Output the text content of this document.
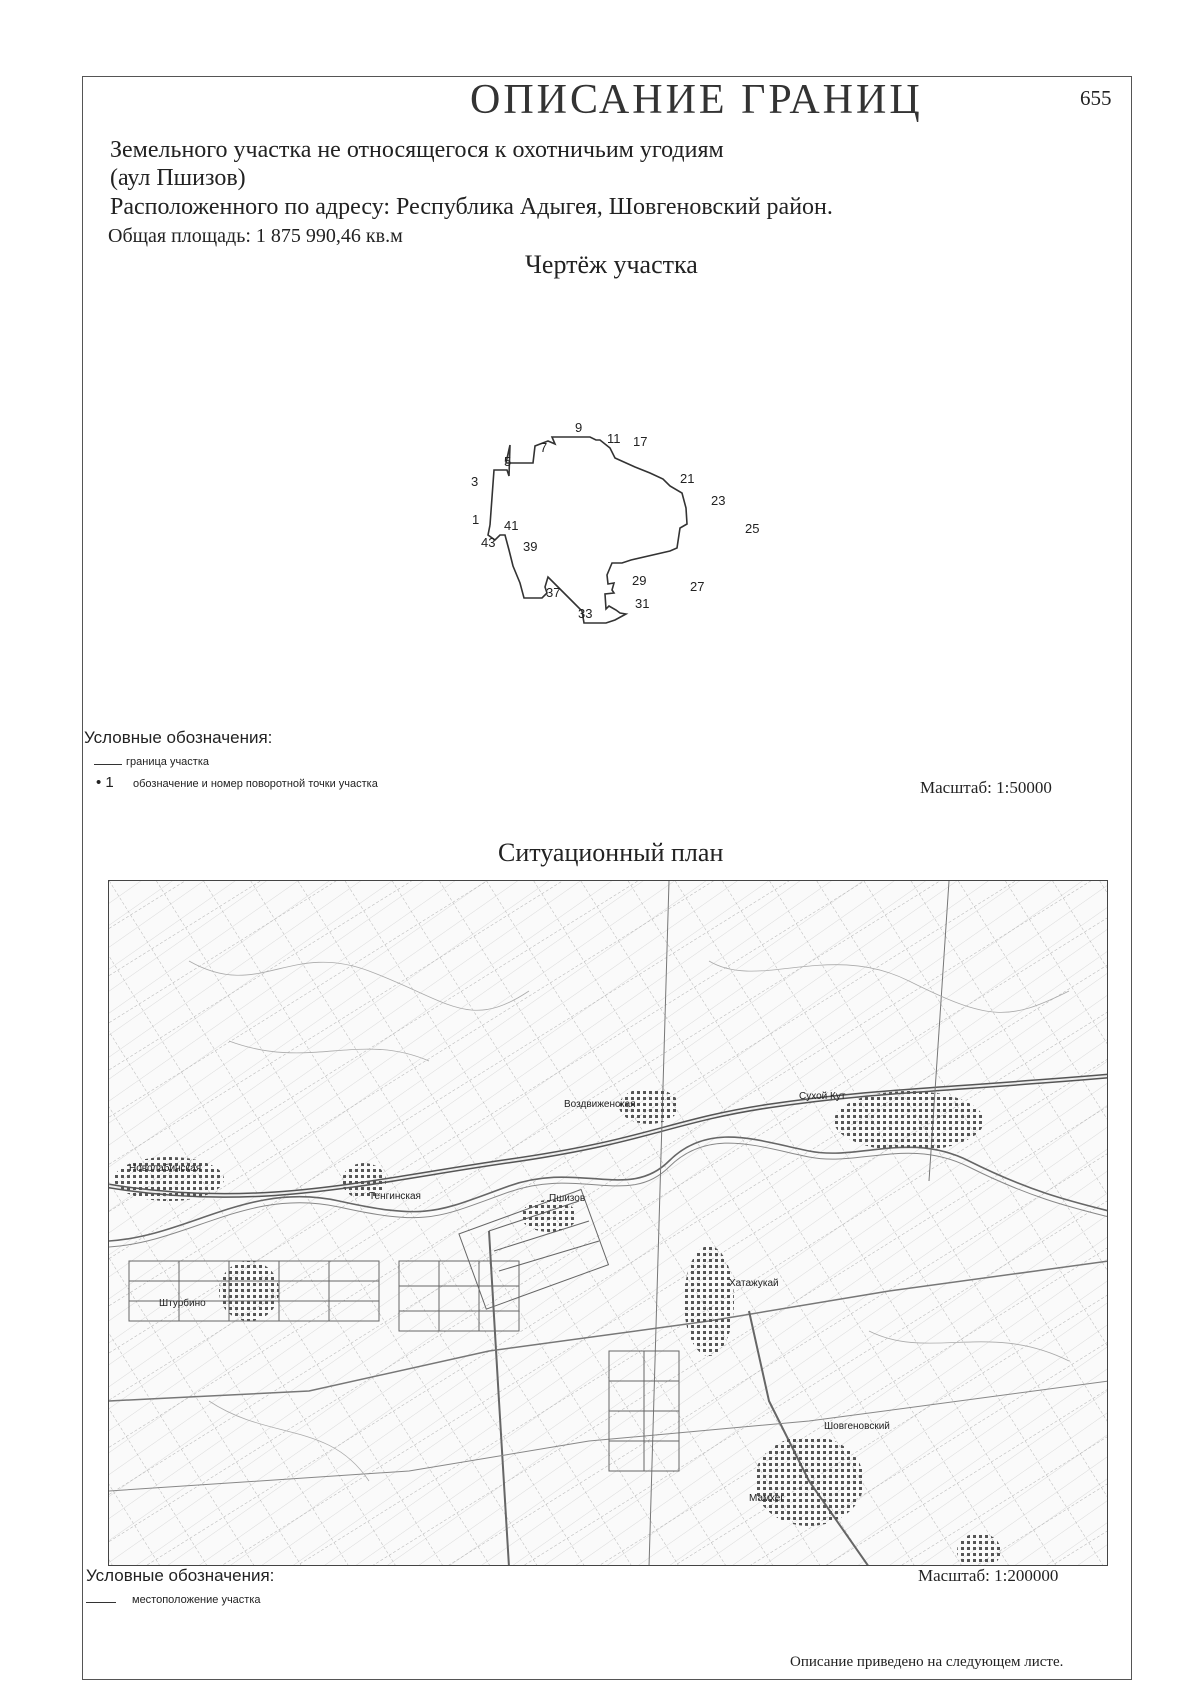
ОПИСАНИЕ ГРАНИЦ	655
Земельного участка не относящегося к охотничьим угодиям
(аул Пшизов)
Расположенного по адресу: Республика Адыгея, Шовгеновский район.
Общая площадь: 1 875 990,46 кв.м
Чертёж участка
1
3
5
7
9
11 17
21
23
25
27
29
31
33
37
39
41
43
Условные обозначения:
граница участка
• 1 обозначение и номер поворотной точки участка	Масштаб: 1:50000
Ситуационный план
Новолабинская
Тенгинская
Воздвиженская
Сухой Кут
Пшизов
Штурбино
Хатажукай
Шовгеновский
Мамхег
Условные обозначения:
местоположение участка
Масштаб: 1:200000
Описание приведено на следующем листе.
